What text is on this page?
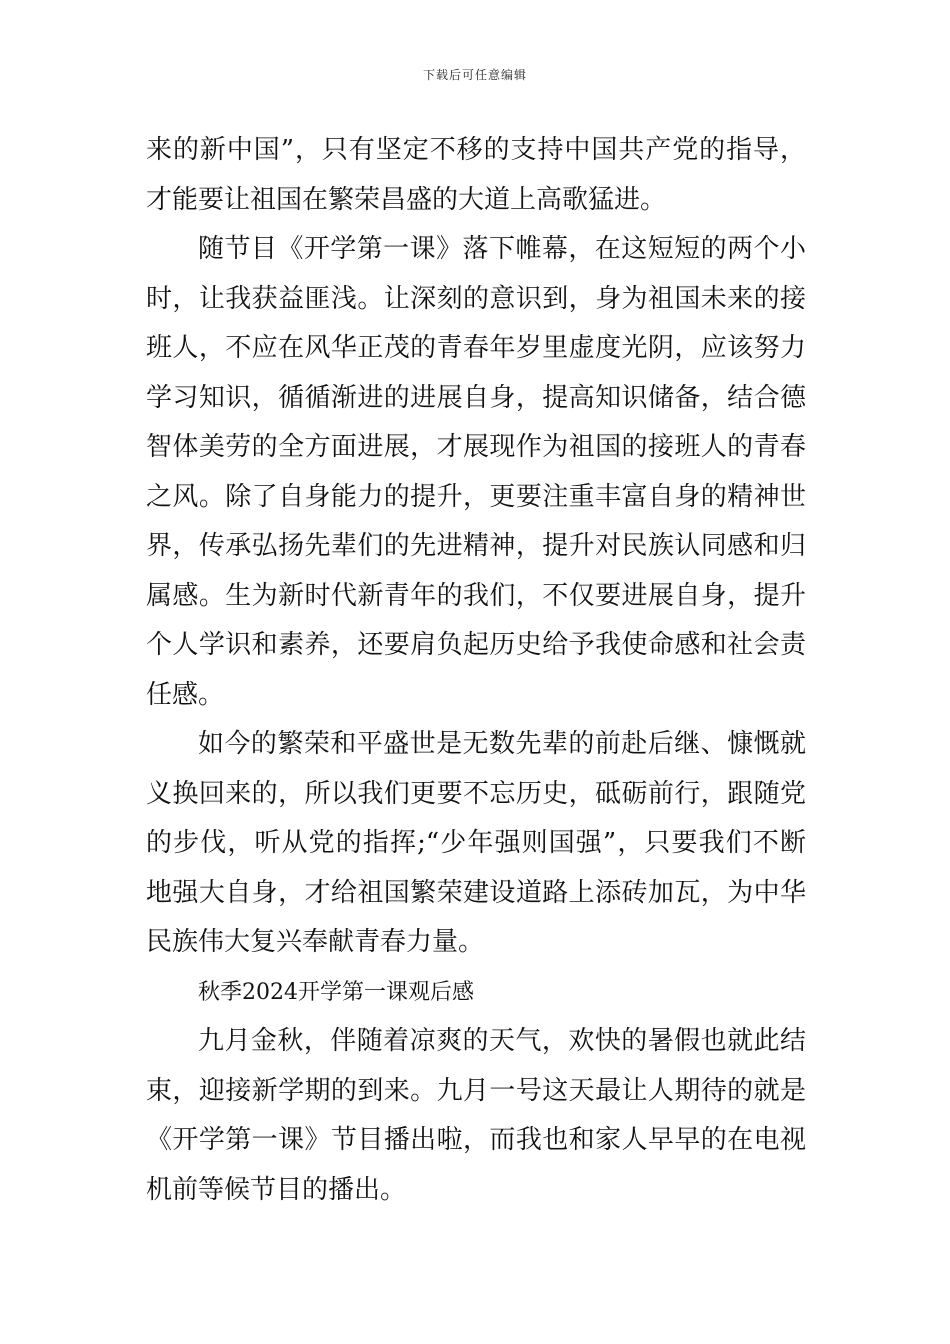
下载后可任意编辑
来的新中国”，只有坚定不移的支持中国共产党的指导，
才能要让祖国在繁荣昌盛的大道上高歌猛进。
随节目《开学第一课》落下帷幕，在这短短的两个小
时，让我获益匪浅。让深刻的意识到，身为祖国未来的接
班人，不应在风华正茂的青春年岁里虚度光阴，应该努力
学习知识，循循渐进的进展自身，提高知识储备，结合德
智体美劳的全方面进展，才展现作为祖国的接班人的青春
之风。除了自身能力的提升，更要注重丰富自身的精神世
界，传承弘扬先辈们的先进精神，提升对民族认同感和归
属感。生为新时代新青年的我们，不仅要进展自身，提升
个人学识和素养，还要肩负起历史给予我使命感和社会责
任感。
如今的繁荣和平盛世是无数先辈的前赴后继、慷慨就
义换回来的，所以我们更要不忘历史，砥砺前行，跟随党
的步伐，听从党的指挥;“少年强则国强”，只要我们不断
地强大自身，才给祖国繁荣建设道路上添砖加瓦，为中华
民族伟大复兴奉献青春力量。
秋季2024开学第一课观后感
九月金秋，伴随着凉爽的天气，欢快的暑假也就此结
束，迎接新学期的到来。九月一号这天最让人期待的就是
《开学第一课》节目播出啦，而我也和家人早早的在电视
机前等候节目的播出。
